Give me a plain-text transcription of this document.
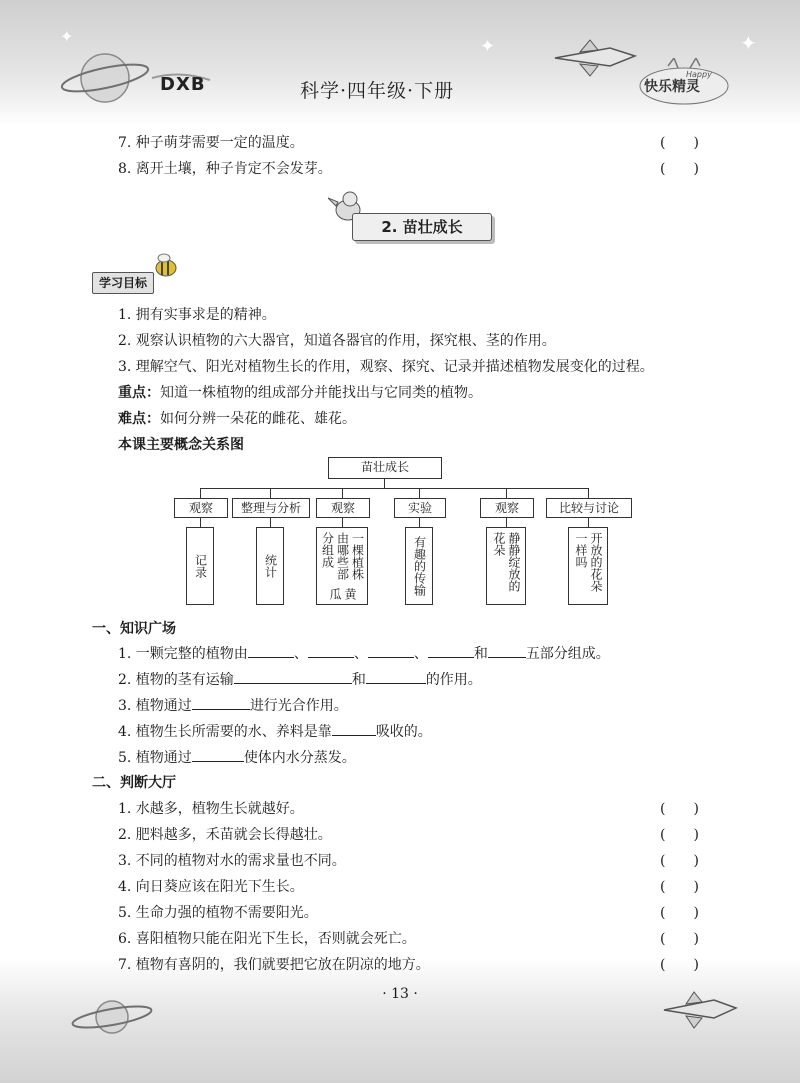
✦	✦	✦
DXB	科学·四年级·下册	快乐精灵
Happy
7. 种子萌芽需要一定的温度。	(　　)
8. 离开土壤，种子肯定不会发芽。	(　　)
2. 苗壮成长
学习目标
1. 拥有实事求是的精神。
2. 观察认识植物的六大器官，知道各器官的作用，探究根、茎的作用。
3. 理解空气、阳光对植物生长的作用，观察、探究、记录并描述植物发展变化的过程。
重点：知道一株植物的组成部分并能找出与它同类的植物。
难点：如何分辨一朵花的雌花、雄花。
本课主要概念关系图
苗壮成长
观察	整理与分析	观察	实验	观察	比较与讨论
记录	统计	一棵植株由哪些部分组成
黄瓜	有趣的传输	静静绽放的花朵	开放的花朵一样吗
一、知识广场
1. 一颗完整的植物由	、	、	、	和	五部分组成。
2. 植物的茎有运输	和	的作用。
3. 植物通过	进行光合作用。
4. 植物生长所需要的水、养料是靠	吸收的。
5. 植物通过	使体内水分蒸发。
二、判断大厅
1. 水越多，植物生长就越好。	(　　)
2. 肥料越多，禾苗就会长得越壮。	(　　)
3. 不同的植物对水的需求量也不同。	(　　)
4. 向日葵应该在阳光下生长。	(　　)
5. 生命力强的植物不需要阳光。	(　　)
6. 喜阳植物只能在阳光下生长，否则就会死亡。	(　　)
7. 植物有喜阴的，我们就要把它放在阴凉的地方。	(　　)
· 13 ·
